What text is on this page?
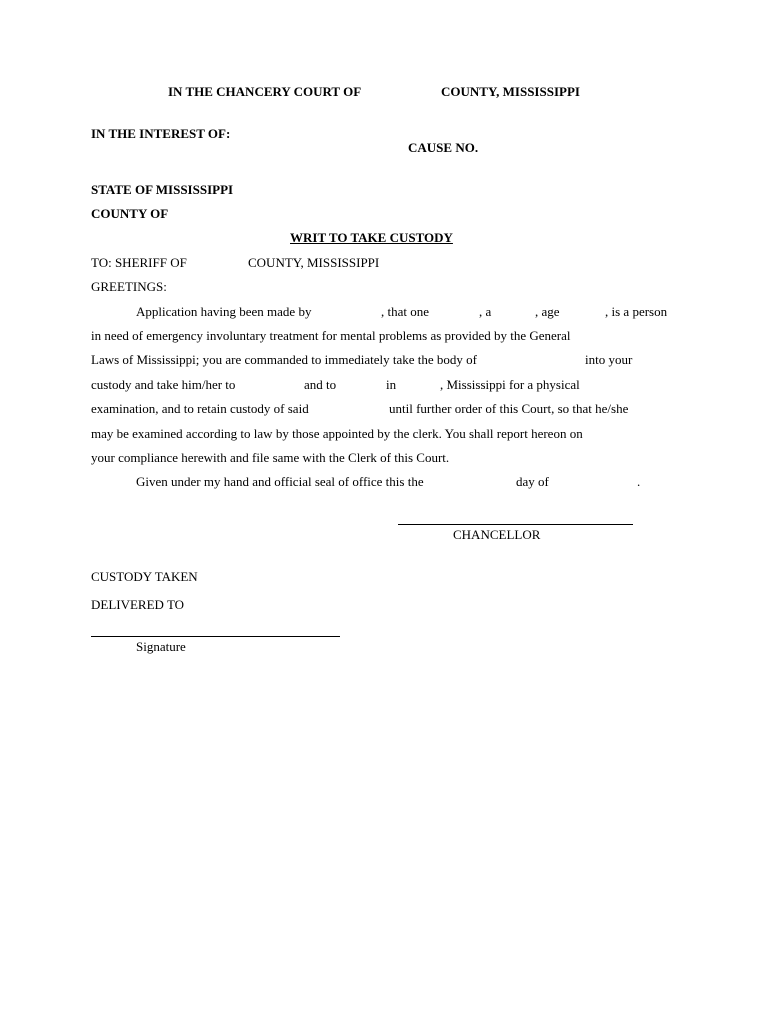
IN THE CHANCERY COURT OF	COUNTY, MISSISSIPPI
IN THE INTEREST OF:
CAUSE NO.
STATE OF MISSISSIPPI
COUNTY OF
WRIT TO TAKE CUSTODY
TO: SHERIFF OF	COUNTY, MISSISSIPPI
GREETINGS:
Application having been made by	, that one	, a	, age	, is a person
in need of emergency involuntary treatment for mental problems as provided by the General
Laws of Mississippi; you are commanded to immediately take the body of	into your
custody and take him/her to	and to	in	, Mississippi for a physical
examination, and to retain custody of said	until further order of this Court, so that he/she
may be examined according to law by those appointed by the clerk. You shall report hereon on
your compliance herewith and file same with the Clerk of this Court.
Given under my hand and official seal of office this the	day of	.
CHANCELLOR
CUSTODY TAKEN
DELIVERED TO
Signature
